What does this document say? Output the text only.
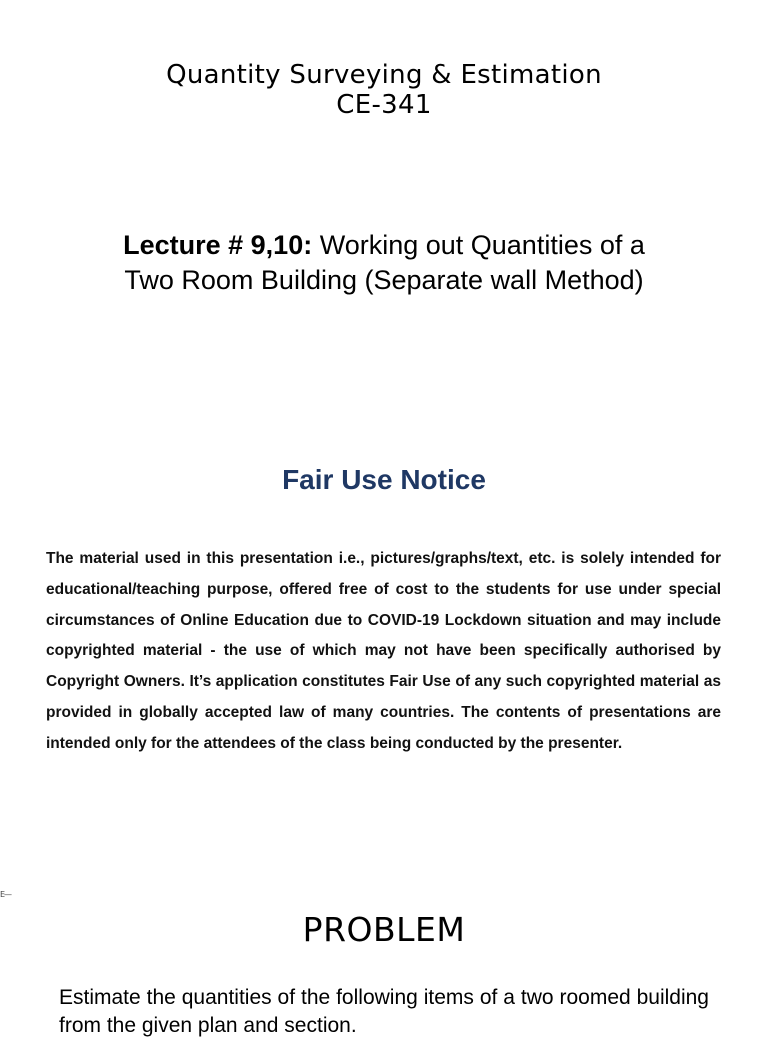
Quantity Surveying & Estimation
CE-341
Lecture # 9,10: Working out Quantities of a
Two Room Building (Separate wall Method)
Fair Use Notice
The material used in this presentation i.e., pictures/graphs/text, etc. is solely intended for educational/teaching purpose, offered free of cost to the students for use under special circumstances of Online Education due to COVID-19 Lockdown situation and may include copyrighted material - the use of which may not have been specifically authorised by Copyright Owners. It’s application constitutes Fair Use of any such copyrighted material as provided in globally accepted law of many countries. The contents of presentations are intended only for the attendees of the class being conducted by the presenter.
E—
PROBLEM
Estimate the quantities of the following items of a two roomed building from the given plan and section.
